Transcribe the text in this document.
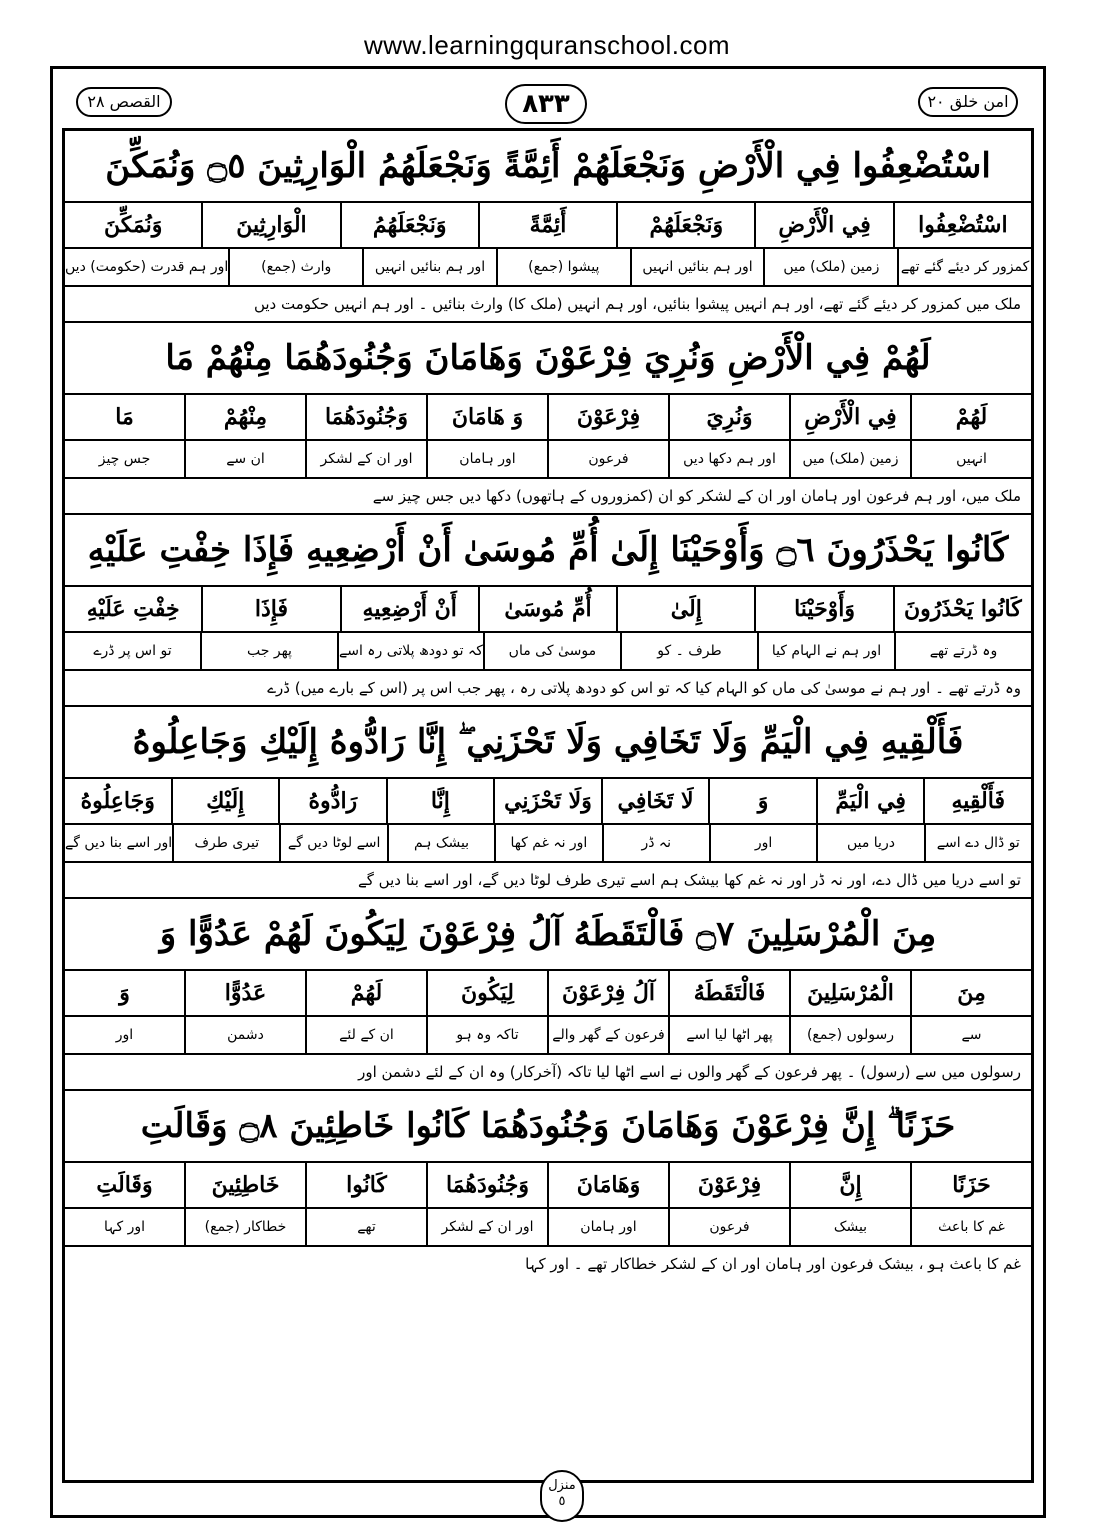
www.learningquranschool.com
القصص ٢٨	٨٣٣	امن خلق ٢٠
اسْتُضْعِفُوا فِي الْأَرْضِ وَنَجْعَلَهُمْ أَئِمَّةً وَنَجْعَلَهُمُ الْوَارِثِينَ ۝٥ وَنُمَكِّنَ
اسْتُضْعِفُوا
فِي الْأَرْضِ
وَنَجْعَلَهُمْ
أَئِمَّةً
وَنَجْعَلَهُمُ
الْوَارِثِينَ
وَنُمَكِّنَ
کمزور کر دیئے گئے تھے
زمین (ملک) میں
اور ہم بنائیں انہیں
پیشوا (جمع)
اور ہم بنائیں انہیں
وارث (جمع)
اور ہم قدرت (حکومت) دیں
ملک میں کمزور کر دیئے گئے تھے، اور ہم انہیں پیشوا بنائیں، اور ہم انہیں (ملک کا) وارث بنائیں ۔ اور ہم انہیں حکومت دیں
لَهُمْ فِي الْأَرْضِ وَنُرِيَ فِرْعَوْنَ وَهَامَانَ وَجُنُودَهُمَا مِنْهُمْ مَا
لَهُمْ
فِي الْأَرْضِ
وَنُرِيَ
فِرْعَوْنَ
وَ هَامَانَ
وَجُنُودَهُمَا
مِنْهُمْ
مَا
انہیں
زمین (ملک) میں
اور ہم دکھا دیں
فرعون
اور ہامان
اور ان کے لشکر
ان سے
جس چیز
ملک میں، اور ہم فرعون اور ہامان اور ان کے لشکر کو ان (کمزوروں کے ہاتھوں) دکھا دیں جس چیز سے
كَانُوا يَحْذَرُونَ ۝٦ وَأَوْحَيْنَا إِلَىٰ أُمِّ مُوسَىٰ أَنْ أَرْضِعِيهِ فَإِذَا خِفْتِ عَلَيْهِ
كَانُوا يَحْذَرُونَ
وَأَوْحَيْنَا
إِلَىٰ
أُمِّ مُوسَىٰ
أَنْ أَرْضِعِيهِ
فَإِذَا
خِفْتِ عَلَيْهِ
وہ ڈرتے تھے
اور ہم نے الہام کیا
طرف ۔ کو
موسیٰ کی ماں
کہ تو دودھ پلاتی رہ اسے
پھر جب
تو اس پر ڈرے
وہ ڈرتے تھے ۔ اور ہم نے موسیٰ کی ماں کو الہام کیا کہ تو اس کو دودھ پلاتی رہ ، پھر جب اس پر (اس کے بارے میں) ڈرے
فَأَلْقِيهِ فِي الْيَمِّ وَلَا تَخَافِي وَلَا تَحْزَنِي ۖ إِنَّا رَادُّوهُ إِلَيْكِ وَجَاعِلُوهُ
فَأَلْقِيهِ
فِي الْيَمِّ
وَ
لَا تَخَافِي
وَلَا تَحْزَنِي
إِنَّا
رَادُّوهُ
إِلَيْكِ
وَجَاعِلُوهُ
تو ڈال دے اسے
دریا میں
اور
نہ ڈر
اور نہ غم کھا
بیشک ہم
اسے لوٹا دیں گے
تیری طرف
اور اسے بنا دیں گے
تو اسے دریا میں ڈال دے، اور نہ ڈر اور نہ غم کھا بیشک ہم اسے تیری طرف لوٹا دیں گے، اور اسے بنا دیں گے
مِنَ الْمُرْسَلِينَ ۝٧ فَالْتَقَطَهُ آلُ فِرْعَوْنَ لِيَكُونَ لَهُمْ عَدُوًّا وَ
مِنَ
الْمُرْسَلِينَ
فَالْتَقَطَهُ
آلُ فِرْعَوْنَ
لِيَكُونَ
لَهُمْ
عَدُوًّا
وَ
سے
رسولوں (جمع)
پھر اٹھا لیا اسے
فرعون کے گھر والے
تاکہ وہ ہو
ان کے لئے
دشمن
اور
رسولوں میں سے (رسول) ۔ پھر فرعون کے گھر والوں نے اسے اٹھا لیا تاکہ (آخرکار) وہ ان کے لئے دشمن اور
حَزَنًا ۗ إِنَّ فِرْعَوْنَ وَهَامَانَ وَجُنُودَهُمَا كَانُوا خَاطِئِينَ ۝٨ وَقَالَتِ
حَزَنًا
إِنَّ
فِرْعَوْنَ
وَهَامَانَ
وَجُنُودَهُمَا
كَانُوا
خَاطِئِينَ
وَقَالَتِ
غم کا باعث
بیشک
فرعون
اور ہامان
اور ان کے لشکر
تھے
خطاکار (جمع)
اور کہا
غم کا باعث ہو ، بیشک فرعون اور ہامان اور ان کے لشکر خطاکار تھے ۔ اور کہا
منزل
٥
